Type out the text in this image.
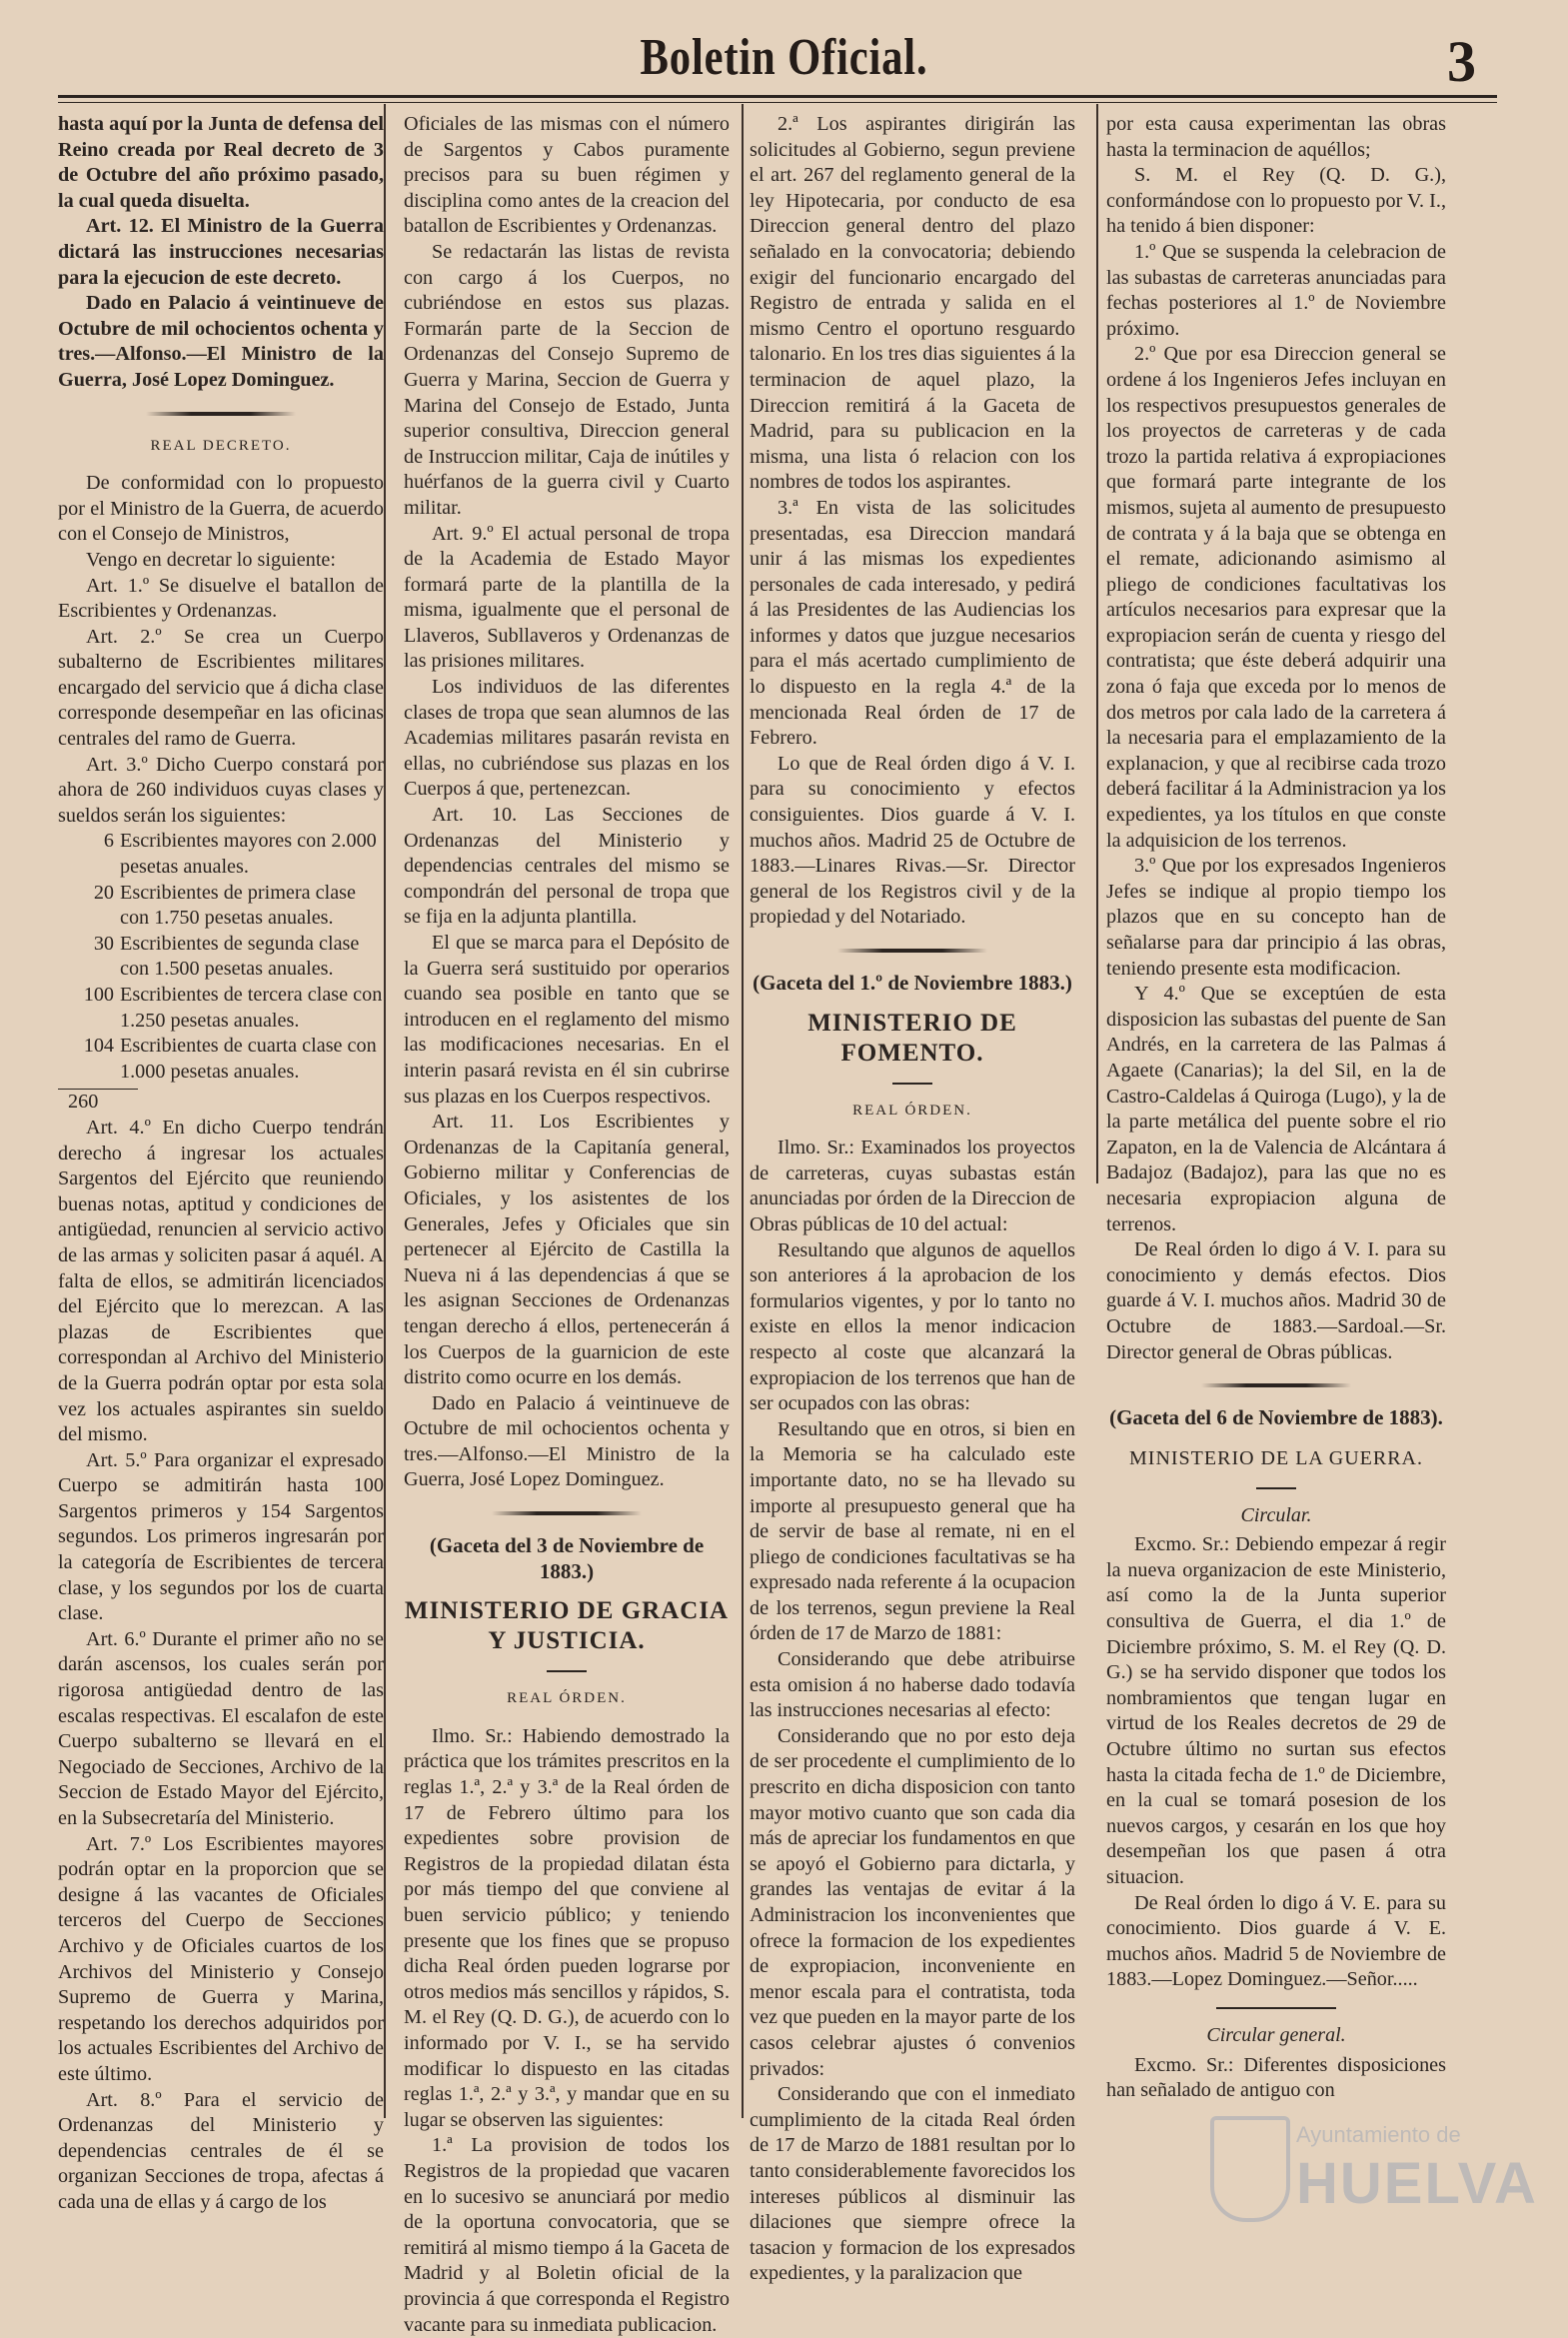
Boletin Oficial.	3

hasta aquí por la Junta de defensa del Reino creada por Real decreto de 3 de Octubre del año próximo pasado, la cual queda disuelta.

Art. 12. El Ministro de la Guerra dictará las instrucciones necesarias para la ejecucion de este decreto.

Dado en Palacio á veintinueve de Octubre de mil ochocientos ochenta y tres.—Alfonso.—El Ministro de la Guerra, José Lopez Dominguez.

REAL DECRETO.

De conformidad con lo propuesto por el Ministro de la Guerra, de acuerdo con el Consejo de Ministros,

Vengo en decretar lo siguiente:

Art. 1.º Se disuelve el batallon de Escribientes y Ordenanzas.

Art. 2.º Se crea un Cuerpo subalterno de Escribientes militares encargado del servicio que á dicha clase corresponde desempeñar en las oficinas centrales del ramo de Guerra.

Art. 3.º Dicho Cuerpo constará por ahora de 260 individuos cuyas clases y sueldos serán los siguientes:

6 Escribientes mayores con 2.000 pesetas anuales.
20 Escribientes de primera clase con 1.750 pesetas anuales.
30 Escribientes de segunda clase con 1.500 pesetas anuales.
100 Escribientes de tercera clase con 1.250 pesetas anuales.
104 Escribientes de cuarta clase con 1.000 pesetas anuales.

260

Art. 4.º En dicho Cuerpo tendrán derecho á ingresar los actuales Sargentos del Ejército que reuniendo buenas notas, aptitud y condiciones de antigüedad, renuncien al servicio activo de las armas y soliciten pasar á aquél. A falta de ellos, se admitirán licenciados del Ejército que lo merezcan. A las plazas de Escribientes que correspondan al Archivo del Ministerio de la Guerra podrán optar por esta sola vez los actuales aspirantes sin sueldo del mismo.

Art. 5.º Para organizar el expresado Cuerpo se admitirán hasta 100 Sargentos primeros y 154 Sargentos segundos. Los primeros ingresarán por la categoría de Escribientes de tercera clase, y los segundos por los de cuarta clase.

Art. 6.º Durante el primer año no se darán ascensos, los cuales serán por rigorosa antigüedad dentro de las escalas respectivas. El escalafon de este Cuerpo subalterno se llevará en el Negociado de Secciones, Archivo de la Seccion de Estado Mayor del Ejército, en la Subsecretaría del Ministerio.

Art. 7.º Los Escribientes mayores podrán optar en la proporcion que se designe á las vacantes de Oficiales terceros del Cuerpo de Secciones Archivo y de Oficiales cuartos de los Archivos del Ministerio y Consejo Supremo de Guerra y Marina, respetando los derechos adquiridos por los actuales Escribientes del Archivo de este último.

Art. 8.º Para el servicio de Ordenanzas del Ministerio y dependencias centrales de él se organizan Secciones de tropa, afectas á cada una de ellas y á cargo de los

Oficiales de las mismas con el número de Sargentos y Cabos puramente precisos para su buen régimen y disciplina como antes de la creacion del batallon de Escribientes y Ordenanzas.

Se redactarán las listas de revista con cargo á los Cuerpos, no cubriéndose en estos sus plazas. Formarán parte de la Seccion de Ordenanzas del Consejo Supremo de Guerra y Marina, Seccion de Guerra y Marina del Consejo de Estado, Junta superior consultiva, Direccion general de Instruccion militar, Caja de inútiles y huérfanos de la guerra civil y Cuarto militar.

Art. 9.º El actual personal de tropa de la Academia de Estado Mayor formará parte de la plantilla de la misma, igualmente que el personal de Llaveros, Subllaveros y Ordenanzas de las prisiones militares.

Los individuos de las diferentes clases de tropa que sean alumnos de las Academias militares pasarán revista en ellas, no cubriéndose sus plazas en los Cuerpos á que, pertenezcan.

Art. 10. Las Secciones de Ordenanzas del Ministerio y dependencias centrales del mismo se compondrán del personal de tropa que se fija en la adjunta plantilla.

El que se marca para el Depósito de la Guerra será sustituido por operarios cuando sea posible en tanto que se introducen en el reglamento del mismo las modificaciones necesarias. En el interin pasará revista en él sin cubrirse sus plazas en los Cuerpos respectivos.

Art. 11. Los Escribientes y Ordenanzas de la Capitanía general, Gobierno militar y Conferencias de Oficiales, y los asistentes de los Generales, Jefes y Oficiales que sin pertenecer al Ejército de Castilla la Nueva ni á las dependencias á que se les asignan Secciones de Ordenanzas tengan derecho á ellos, pertenecerán á los Cuerpos de la guarnicion de este distrito como ocurre en los demás.

Dado en Palacio á veintinueve de Octubre de mil ochocientos ochenta y tres.—Alfonso.—El Ministro de la Guerra, José Lopez Dominguez.

(Gaceta del 3 de Noviembre de 1883.)

MINISTERIO DE GRACIA Y JUSTICIA.

REAL ÓRDEN.

Ilmo. Sr.: Habiendo demostrado la práctica que los trámites prescritos en la reglas 1.ª, 2.ª y 3.ª de la Real órden de 17 de Febrero último para los expedientes sobre provision de Registros de la propiedad dilatan ésta por más tiempo del que conviene al buen servicio público; y teniendo presente que los fines que se propuso dicha Real órden pueden lograrse por otros medios más sencillos y rápidos, S. M. el Rey (Q. D. G.), de acuerdo con lo informado por V. I., se ha servido modificar lo dispuesto en las citadas reglas 1.ª, 2.ª y 3.ª, y mandar que en su lugar se observen las siguientes:

1.ª La provision de todos los Registros de la propiedad que vacaren en lo sucesivo se anunciará por medio de la oportuna convocatoria, que se remitirá al mismo tiempo á la Gaceta de Madrid y al Boletin oficial de la provincia á que corresponda el Registro vacante para su inmediata publicacion.

2.ª Los aspirantes dirigirán las solicitudes al Gobierno, segun previene el art. 267 del reglamento general de la ley Hipotecaria, por conducto de esa Direccion general dentro del plazo señalado en la convocatoria; debiendo exigir del funcionario encargado del Registro de entrada y salida en el mismo Centro el oportuno resguardo talonario. En los tres dias siguientes á la terminacion de aquel plazo, la Direccion remitirá á la Gaceta de Madrid, para su publicacion en la misma, una lista ó relacion con los nombres de todos los aspirantes.

3.ª En vista de las solicitudes presentadas, esa Direccion mandará unir á las mismas los expedientes personales de cada interesado, y pedirá á las Presidentes de las Audiencias los informes y datos que juzgue necesarios para el más acertado cumplimiento de lo dispuesto en la regla 4.ª de la mencionada Real órden de 17 de Febrero.

Lo que de Real órden digo á V. I. para su conocimiento y efectos consiguientes. Dios guarde á V. I. muchos años. Madrid 25 de Octubre de 1883.—Linares Rivas.—Sr. Director general de los Registros civil y de la propiedad y del Notariado.

(Gaceta del 1.º de Noviembre 1883.)

MINISTERIO DE FOMENTO.

REAL ÓRDEN.

Ilmo. Sr.: Examinados los proyectos de carreteras, cuyas subastas están anunciadas por órden de la Direccion de Obras públicas de 10 del actual:

Resultando que algunos de aquellos son anteriores á la aprobacion de los formularios vigentes, y por lo tanto no existe en ellos la menor indicacion respecto al coste que alcanzará la expropiacion de los terrenos que han de ser ocupados con las obras:

Resultando que en otros, si bien en la Memoria se ha calculado este importante dato, no se ha llevado su importe al presupuesto general que ha de servir de base al remate, ni en el pliego de condiciones facultativas se ha expresado nada referente á la ocupacion de los terrenos, segun previene la Real órden de 17 de Marzo de 1881:

Considerando que debe atribuirse esta omision á no haberse dado todavía las instrucciones necesarias al efecto:

Considerando que no por esto deja de ser procedente el cumplimiento de lo prescrito en dicha disposicion con tanto mayor motivo cuanto que son cada dia más de apreciar los fundamentos en que se apoyó el Gobierno para dictarla, y grandes las ventajas de evitar á la Administracion los inconvenientes que ofrece la formacion de los expedientes de expropiacion, inconveniente en menor escala para el contratista, toda vez que pueden en la mayor parte de los casos celebrar ajustes ó convenios privados:

Considerando que con el inmediato cumplimiento de la citada Real órden de 17 de Marzo de 1881 resultan por lo tanto considerablemente favorecidos los intereses públicos al disminuir las dilaciones que siempre ofrece la tasacion y formacion de los expresados expedientes, y la paralizacion que

por esta causa experimentan las obras hasta la terminacion de aquéllos;

S. M. el Rey (Q. D. G.), conformándose con lo propuesto por V. I., ha tenido á bien disponer:

1.º Que se suspenda la celebracion de las subastas de carreteras anunciadas para fechas posteriores al 1.º de Noviembre próximo.

2.º Que por esa Direccion general se ordene á los Ingenieros Jefes incluyan en los respectivos presupuestos generales de los proyectos de carreteras y de cada trozo la partida relativa á expropiaciones que formará parte integrante de los mismos, sujeta al aumento de presupuesto de contrata y á la baja que se obtenga en el remate, adicionando asimismo al pliego de condiciones facultativas los artículos necesarios para expresar que la expropiacion serán de cuenta y riesgo del contratista; que éste deberá adquirir una zona ó faja que exceda por lo menos de dos metros por cala lado de la carretera á la necesaria para el emplazamiento de la explanacion, y que al recibirse cada trozo deberá facilitar á la Administracion ya los expedientes, ya los títulos en que conste la adquisicion de los terrenos.

3.º Que por los expresados Ingenieros Jefes se indique al propio tiempo los plazos que en su concepto han de señalarse para dar principio á las obras, teniendo presente esta modificacion.

Y 4.º Que se exceptúen de esta disposicion las subastas del puente de San Andrés, en la carretera de las Palmas á Agaete (Canarias); la del Sil, en la de Castro-Caldelas á Quiroga (Lugo), y la de la parte metálica del puente sobre el rio Zapaton, en la de Valencia de Alcántara á Badajoz (Badajoz), para las que no es necesaria expropiacion alguna de terrenos.

De Real órden lo digo á V. I. para su conocimiento y demás efectos. Dios guarde á V. I. muchos años. Madrid 30 de Octubre de 1883.—Sardoal.—Sr. Director general de Obras públicas.

(Gaceta del 6 de Noviembre de 1883).

MINISTERIO DE LA GUERRA.

Circular.

Excmo. Sr.: Debiendo empezar á regir la nueva organizacion de este Ministerio, así como la de la Junta superior consultiva de Guerra, el dia 1.º de Diciembre próximo, S. M. el Rey (Q. D. G.) se ha servido disponer que todos los nombramientos que tengan lugar en virtud de los Reales decretos de 29 de Octubre último no surtan sus efectos hasta la citada fecha de 1.º de Diciembre, en la cual se tomará posesion de los nuevos cargos, y cesarán en los que hoy desempeñan los que pasen á otra situacion.

De Real órden lo digo á V. E. para su conocimiento. Dios guarde á V. E. muchos años. Madrid 5 de Noviembre de 1883.—Lopez Dominguez.—Señor.....

Circular general.

Excmo. Sr.: Diferentes disposiciones han señalado de antiguo con

Ayuntamiento de
HUELVA
